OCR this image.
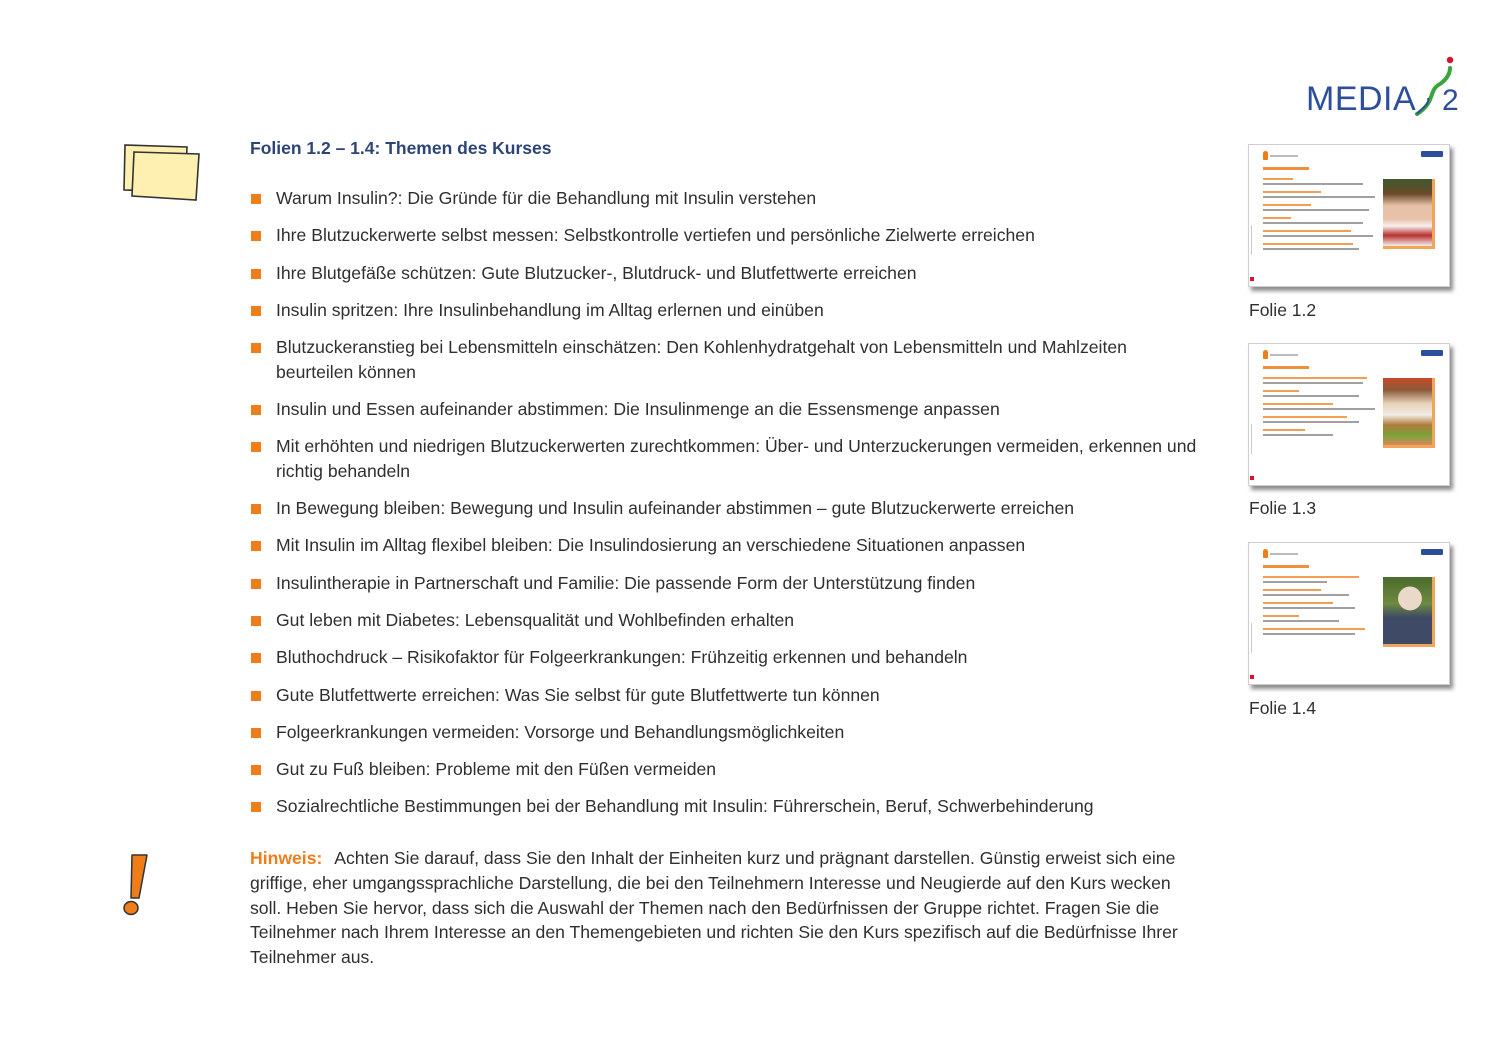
MEDIA 2
Folien 1.2 – 1.4: Themen des Kurses
Warum Insulin?: Die Gründe für die Behandlung mit Insulin verstehen
Ihre Blutzuckerwerte selbst messen: Selbstkontrolle vertiefen und persönliche Zielwerte erreichen
Ihre Blutgefäße schützen: Gute Blutzucker-, Blutdruck- und Blutfettwerte erreichen
Insulin spritzen: Ihre Insulinbehandlung im Alltag erlernen und einüben
Blutzuckeranstieg bei Lebensmitteln einschätzen: Den Kohlenhydratgehalt von Lebensmitteln und Mahlzeiten beurteilen können
Insulin und Essen aufeinander abstimmen: Die Insulinmenge an die Essensmenge anpassen
Mit erhöhten und niedrigen Blutzuckerwerten zurechtkommen: Über- und Unterzuckerungen vermeiden, erkennen und richtig behandeln
In Bewegung bleiben: Bewegung und Insulin aufeinander abstimmen – gute Blutzuckerwerte erreichen
Mit Insulin im Alltag flexibel bleiben: Die Insulindosierung an verschiedene Situationen anpassen
Insulintherapie in Partnerschaft und Familie: Die passende Form der Unterstützung finden
Gut leben mit Diabetes: Lebensqualität und Wohlbefinden erhalten
Bluthochdruck – Risikofaktor für Folgeerkrankungen: Frühzeitig erkennen und behandeln
Gute Blutfettwerte erreichen: Was Sie selbst für gute Blutfettwerte tun können
Folgeerkrankungen vermeiden: Vorsorge und Behandlungsmöglichkeiten
Gut zu Fuß bleiben: Probleme mit den Füßen vermeiden
Sozialrechtliche Bestimmungen bei der Behandlung mit Insulin: Führerschein, Beruf, Schwerbehinderung

Hinweis: Achten Sie darauf, dass Sie den Inhalt der Einheiten kurz und prägnant darstellen. Günstig erweist sich eine griffige, eher umgangssprachliche Darstellung, die bei den Teilnehmern Interesse und Neugierde auf den Kurs wecken soll. Heben Sie hervor, dass sich die Auswahl der Themen nach den Bedürfnissen der Gruppe richtet. Fragen Sie die Teilnehmer nach Ihrem Interesse an den Themengebieten und richten Sie den Kurs spezifisch auf die Bedürfnisse Ihrer Teilnehmer aus.

Folie 1.2
Folie 1.3
Folie 1.4
